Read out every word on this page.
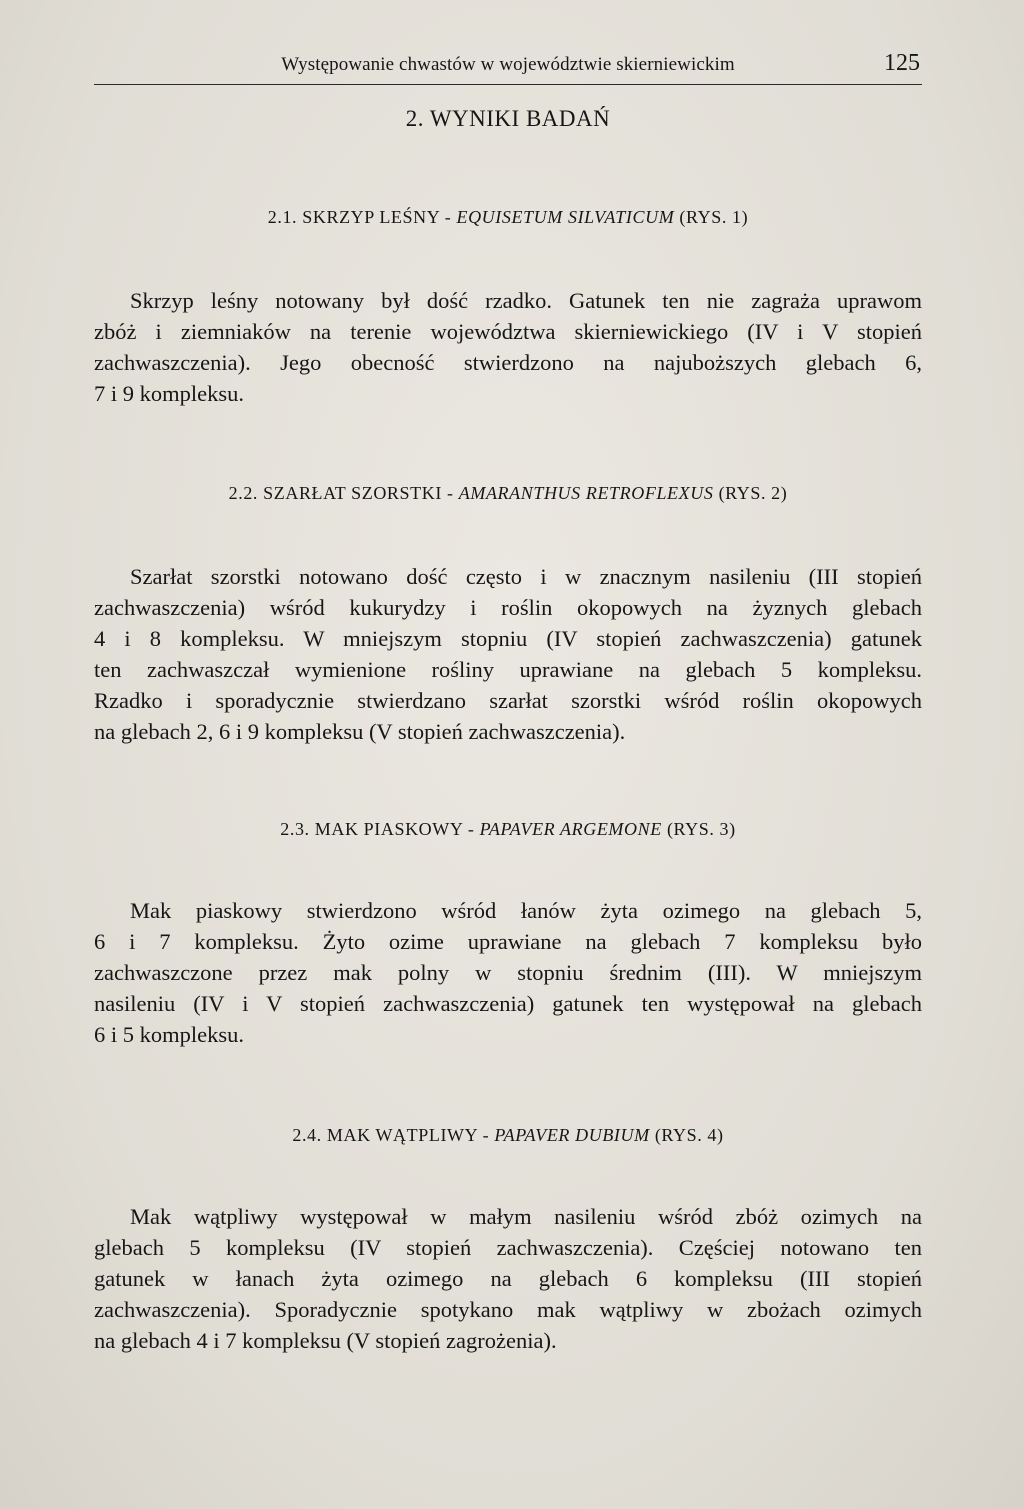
Występowanie chwastów w województwie skierniewickim	125
2. WYNIKI BADAŃ
2.1. SKRZYP LEŚNY - EQUISETUM SILVATICUM (RYS. 1)
Skrzyp leśny notowany był dość rzadko. Gatunek ten nie zagraża uprawom
zbóż i ziemniaków na terenie województwa skierniewickiego (IV i V stopień
zachwaszczenia). Jego obecność stwierdzono na najuboższych glebach 6,
7 i 9 kompleksu.
2.2. SZARŁAT SZORSTKI - AMARANTHUS RETROFLEXUS (RYS. 2)
Szarłat szorstki notowano dość często i w znacznym nasileniu (III stopień
zachwaszczenia) wśród kukurydzy i roślin okopowych na żyznych glebach
4 i 8 kompleksu. W mniejszym stopniu (IV stopień zachwaszczenia) gatunek
ten zachwaszczał wymienione rośliny uprawiane na glebach 5 kompleksu.
Rzadko i sporadycznie stwierdzano szarłat szorstki wśród roślin okopowych
na glebach 2, 6 i 9 kompleksu (V stopień zachwaszczenia).
2.3. MAK PIASKOWY - PAPAVER ARGEMONE (RYS. 3)
Mak piaskowy stwierdzono wśród łanów żyta ozimego na glebach 5,
6 i 7 kompleksu. Żyto ozime uprawiane na glebach 7 kompleksu było
zachwaszczone przez mak polny w stopniu średnim (III). W mniejszym
nasileniu (IV i V stopień zachwaszczenia) gatunek ten występował na glebach
6 i 5 kompleksu.
2.4. MAK WĄTPLIWY - PAPAVER DUBIUM (RYS. 4)
Mak wątpliwy występował w małym nasileniu wśród zbóż ozimych na
glebach 5 kompleksu (IV stopień zachwaszczenia). Częściej notowano ten
gatunek w łanach żyta ozimego na glebach 6 kompleksu (III stopień
zachwaszczenia). Sporadycznie spotykano mak wątpliwy w zbożach ozimych
na glebach 4 i 7 kompleksu (V stopień zagrożenia).
